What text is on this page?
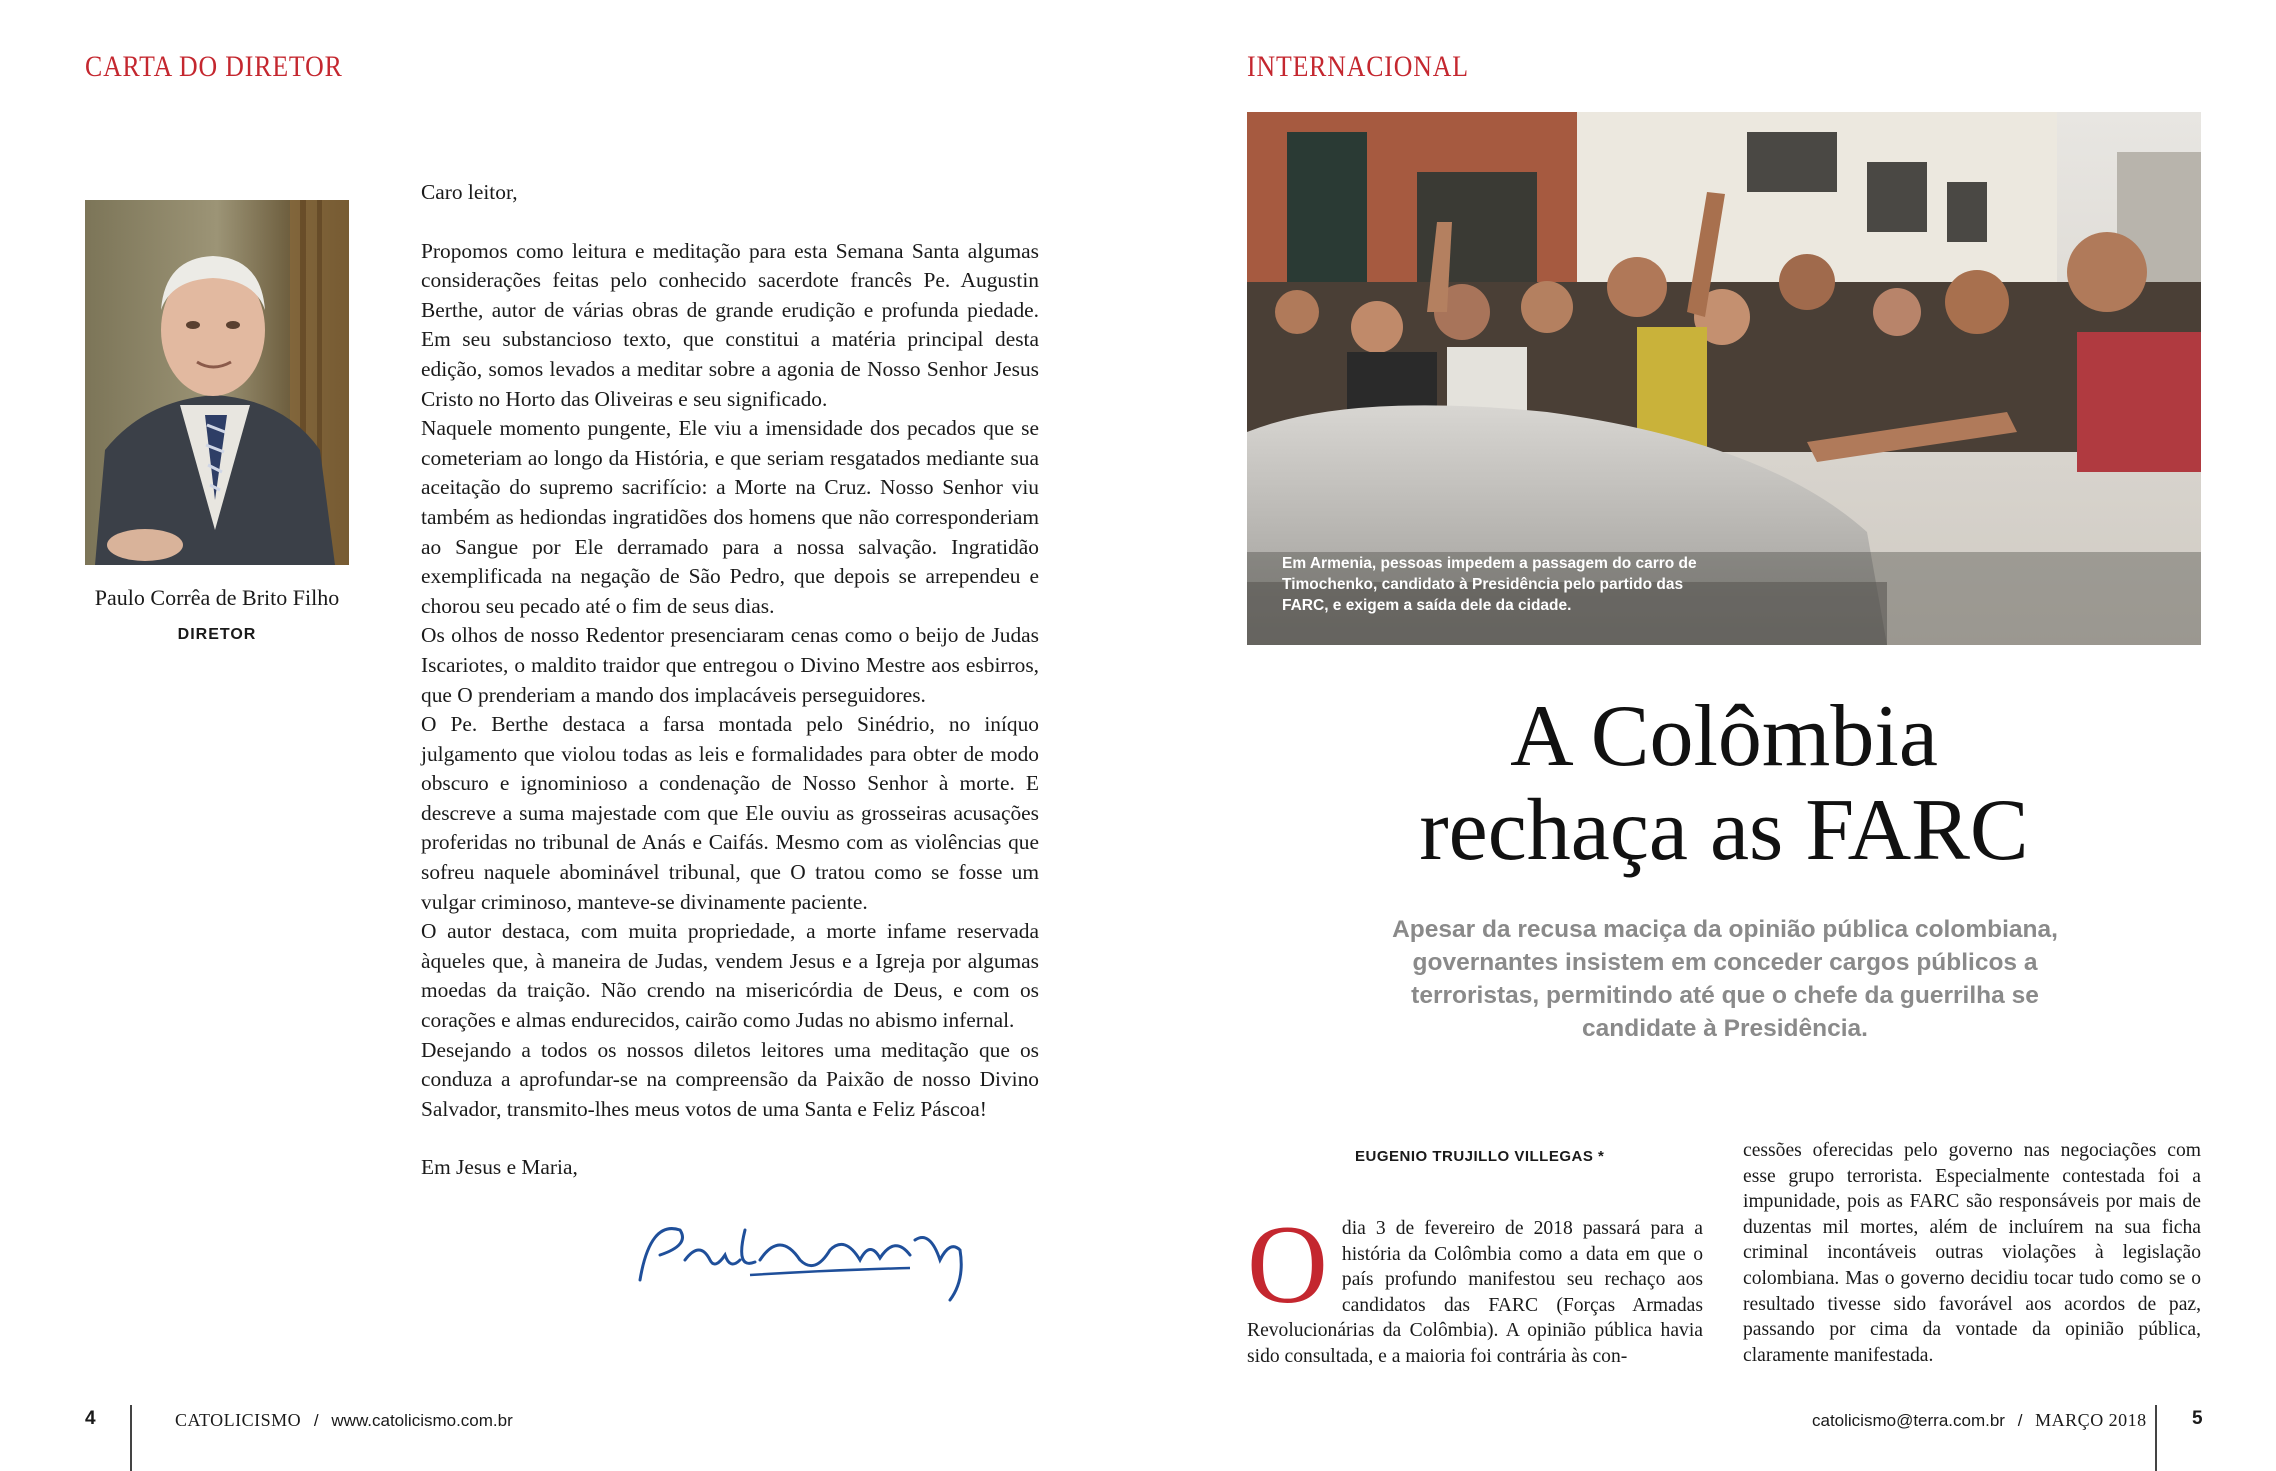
CARTA DO DIRETOR
Paulo Corrêa de Brito Filho
DIRETOR

Caro leitor,

Propomos como leitura e meditação para esta Semana Santa algumas considerações feitas pelo conhecido sacerdote francês Pe. Augustin Berthe, autor de várias obras de grande erudição e profunda piedade. Em seu substancioso texto, que constitui a matéria principal desta edição, somos levados a meditar sobre a agonia de Nosso Senhor Jesus Cristo no Horto das Oliveiras e seu significado.

Naquele momento pungente, Ele viu a imensidade dos pecados que se cometeriam ao longo da História, e que seriam resgatados mediante sua aceitação do supremo sacrifício: a Morte na Cruz. Nosso Senhor viu também as hediondas ingratidões dos homens que não corresponderiam ao Sangue por Ele derramado para a nossa salvação. Ingratidão exemplificada na negação de São Pedro, que depois se arrependeu e chorou seu pecado até o fim de seus dias.

Os olhos de nosso Redentor presenciaram cenas como o beijo de Judas Iscariotes, o maldito traidor que entregou o Divino Mestre aos esbirros, que O prenderiam a mando dos implacáveis perseguidores.

O Pe. Berthe destaca a farsa montada pelo Sinédrio, no iníquo julgamento que violou todas as leis e formalidades para obter de modo obscuro e ignominioso a condenação de Nosso Senhor à morte. E descreve a suma majestade com que Ele ouviu as grosseiras acusações proferidas no tribunal de Anás e Caifás. Mesmo com as violências que sofreu naquele abominável tribunal, que O tratou como se fosse um vulgar criminoso, manteve-se divinamente paciente.

O autor destaca, com muita propriedade, a morte infame reservada àqueles que, à maneira de Judas, vendem Jesus e a Igreja por algumas moedas da traição. Não crendo na misericórdia de Deus, e com os corações e almas endurecidos, cairão como Judas no abismo infernal.

Desejando a todos os nossos diletos leitores uma meditação que os conduza a aprofundar-se na compreensão da Paixão de nosso Divino Salvador, transmito-lhes meus votos de uma Santa e Feliz Páscoa!

Em Jesus e Maria,

4	CATOLICISMO / www.catolicismo.com.br
INTERNACIONAL
Em Armenia, pessoas impedem a passagem do carro de Timochenko, candidato à Presidência pelo partido das FARC, e exigem a saída dele da cidade.
A Colômbia
rechaça as FARC
Apesar da recusa maciça da opinião pública colombiana, governantes insistem em conceder cargos públicos a terroristas, permitindo até que o chefe da guerrilha se candidate à Presidência.
EUGENIO TRUJILLO VILLEGAS *
O dia 3 de fevereiro de 2018 passará para a história da Colômbia como a data em que o país profundo manifestou seu rechaço aos candidatos das FARC (Forças Armadas Revolucionárias da Colômbia). A opinião pública havia sido consultada, e a maioria foi contrária às con-
cessões oferecidas pelo governo nas negociações com esse grupo terrorista. Especialmente contestada foi a impunidade, pois as FARC são responsáveis por mais de duzentas mil mortes, além de incluírem na sua ficha criminal incontáveis outras violações à legislação colombiana. Mas o governo decidiu tocar tudo como se o resultado tivesse sido favorável aos acordos de paz, passando por cima da vontade da opinião pública, claramente manifestada.
catolicismo@terra.com.br / MARÇO 2018 5
